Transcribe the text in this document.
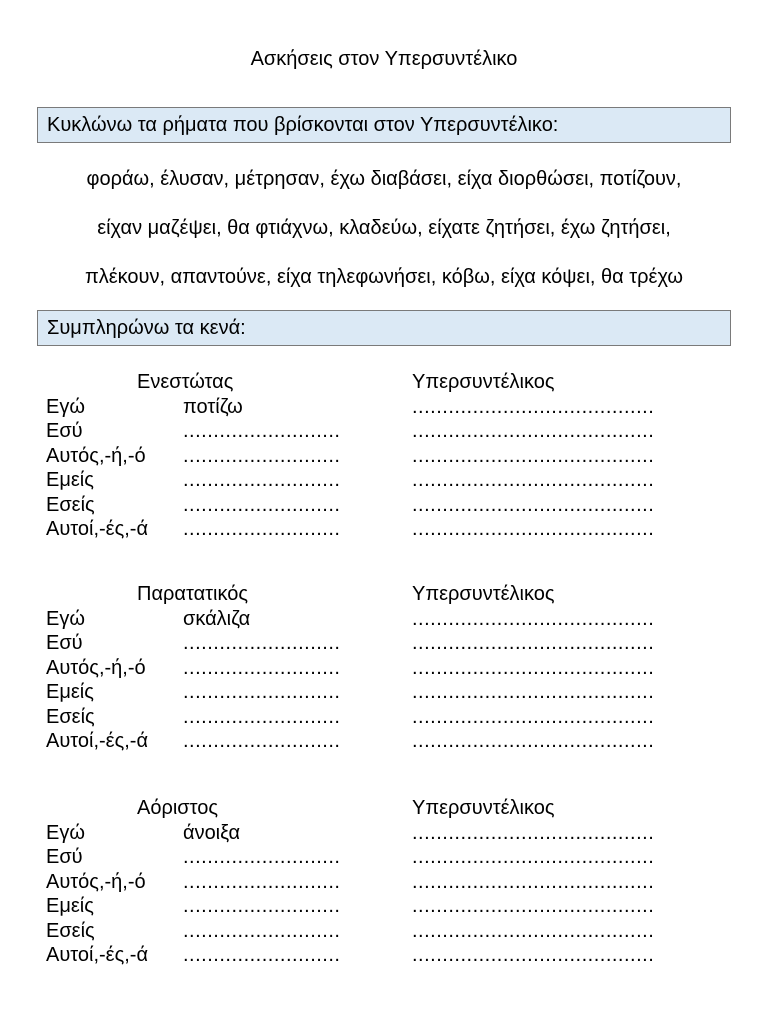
Ασκήσεις στον Υπερσυντέλικο
Κυκλώνω τα ρήματα που βρίσκονται στον Υπερσυντέλικο:
φοράω, έλυσαν, μέτρησαν, έχω διαβάσει, είχα διορθώσει, ποτίζουν,
είχαν μαζέψει, θα φτιάχνω, κλαδεύω, είχατε ζητήσει, έχω ζητήσει,
πλέκουν, απαντούνε, είχα τηλεφωνήσει, κόβω, είχα κόψει, θα τρέχω
Συμπληρώνω τα κενά:
Ενεστώτας	Υπερσυντέλικος
Εγώ	ποτίζω	........................................
Εσύ	..........................	........................................
Αυτός,-ή,-ό ..........................	........................................
Εμείς	..........................	........................................
Εσείς	..........................	........................................
Αυτοί,-ές,-ά ..........................	........................................
Παρατατικός	Υπερσυντέλικος
Εγώ	σκάλιζα	........................................
Εσύ	..........................	........................................
Αυτός,-ή,-ό ..........................	........................................
Εμείς	..........................	........................................
Εσείς	..........................	........................................
Αυτοί,-ές,-ά ..........................	........................................
Αόριστος	Υπερσυντέλικος
Εγώ	άνοιξα	........................................
Εσύ	..........................	........................................
Αυτός,-ή,-ό ..........................	........................................
Εμείς	..........................	........................................
Εσείς	..........................	........................................
Αυτοί,-ές,-ά ..........................	........................................
